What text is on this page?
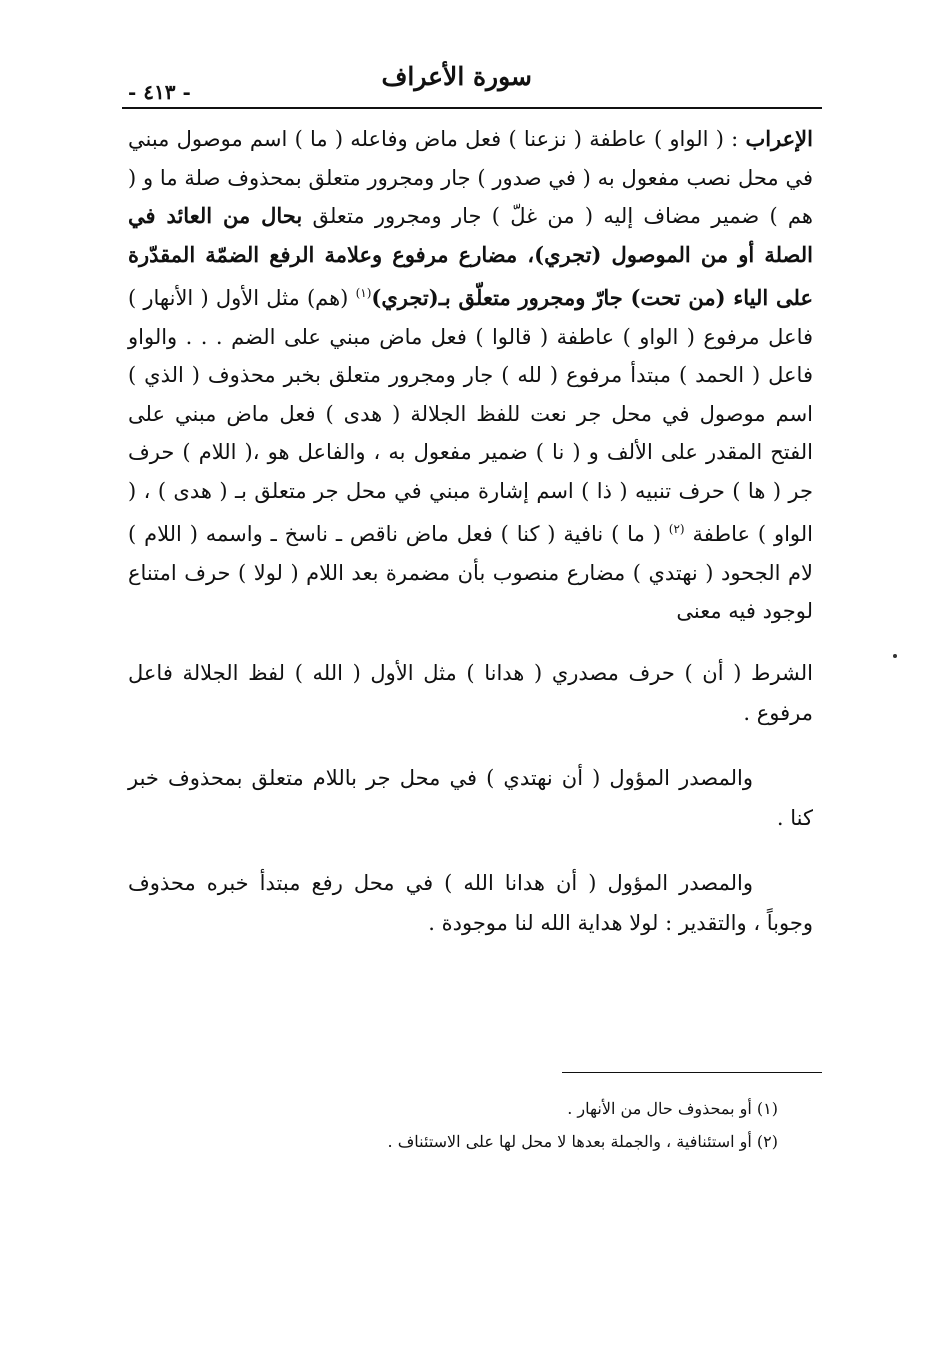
سورة الأعراف
- ٤١٣ -

الإعراب : ( الواو ) عاطفة ( نزعنا ) فعل ماض وفاعله ( ما ) اسم موصول مبني في محل نصب مفعول به ( في صدور ) جار ومجرور متعلق بمحذوف صلة ما و ( هم ) ضمير مضاف إليه ( من غلّ ) جار ومجرور متعلق بحال من العائد في الصلة أو من الموصول (تجري)، مضارع مرفوع وعلامة الرفع الضمّة المقدّرة على الياء (من تحت) جارّ ومجرور متعلّق بـ(تجري)$^{(١)}$ (هم) مثل الأول ( الأنهار ) فاعل مرفوع ( الواو ) عاطفة ( قالوا ) فعل ماض مبني على الضم . . . والواو فاعل ( الحمد ) مبتدأ مرفوع ( لله ) جار ومجرور متعلق بخبر محذوف ( الذي ) اسم موصول في محل جر نعت للفظ الجلالة ( هدى ) فعل ماض مبني على الفتح المقدر على الألف و ( نا ) ضمير مفعول به ، والفاعل هو ،( اللام ) حرف جر ( ها ) حرف تنبيه ( ذا ) اسم إشارة مبني في محل جر متعلق بـ ( هدى ) ، ( الواو ) عاطفة $^{(٢)}$ ( ما ) نافية ( كنا ) فعل ماض ناقص ـ ناسخ ـ واسمه ( اللام ) لام الجحود ( نهتدي ) مضارع منصوب بأن مضمرة بعد اللام ( لولا ) حرف امتناع لوجود فيه معنى

الشرط ( أن ) حرف مصدري ( هدانا ) مثل الأول ( الله ) لفظ الجلالة فاعل مرفوع .

والمصدر المؤول ( أن نهتدي ) في محل جر باللام متعلق بمحذوف خبر كنا .

والمصدر المؤول ( أن هدانا الله ) في محل رفع مبتدأ خبره محذوف وجوباً ، والتقدير : لولا هداية الله لنا موجودة .

(١) أو بمحذوف حال من الأنهار .
(٢) أو استئنافية ، والجملة بعدها لا محل لها على الاستئناف .
